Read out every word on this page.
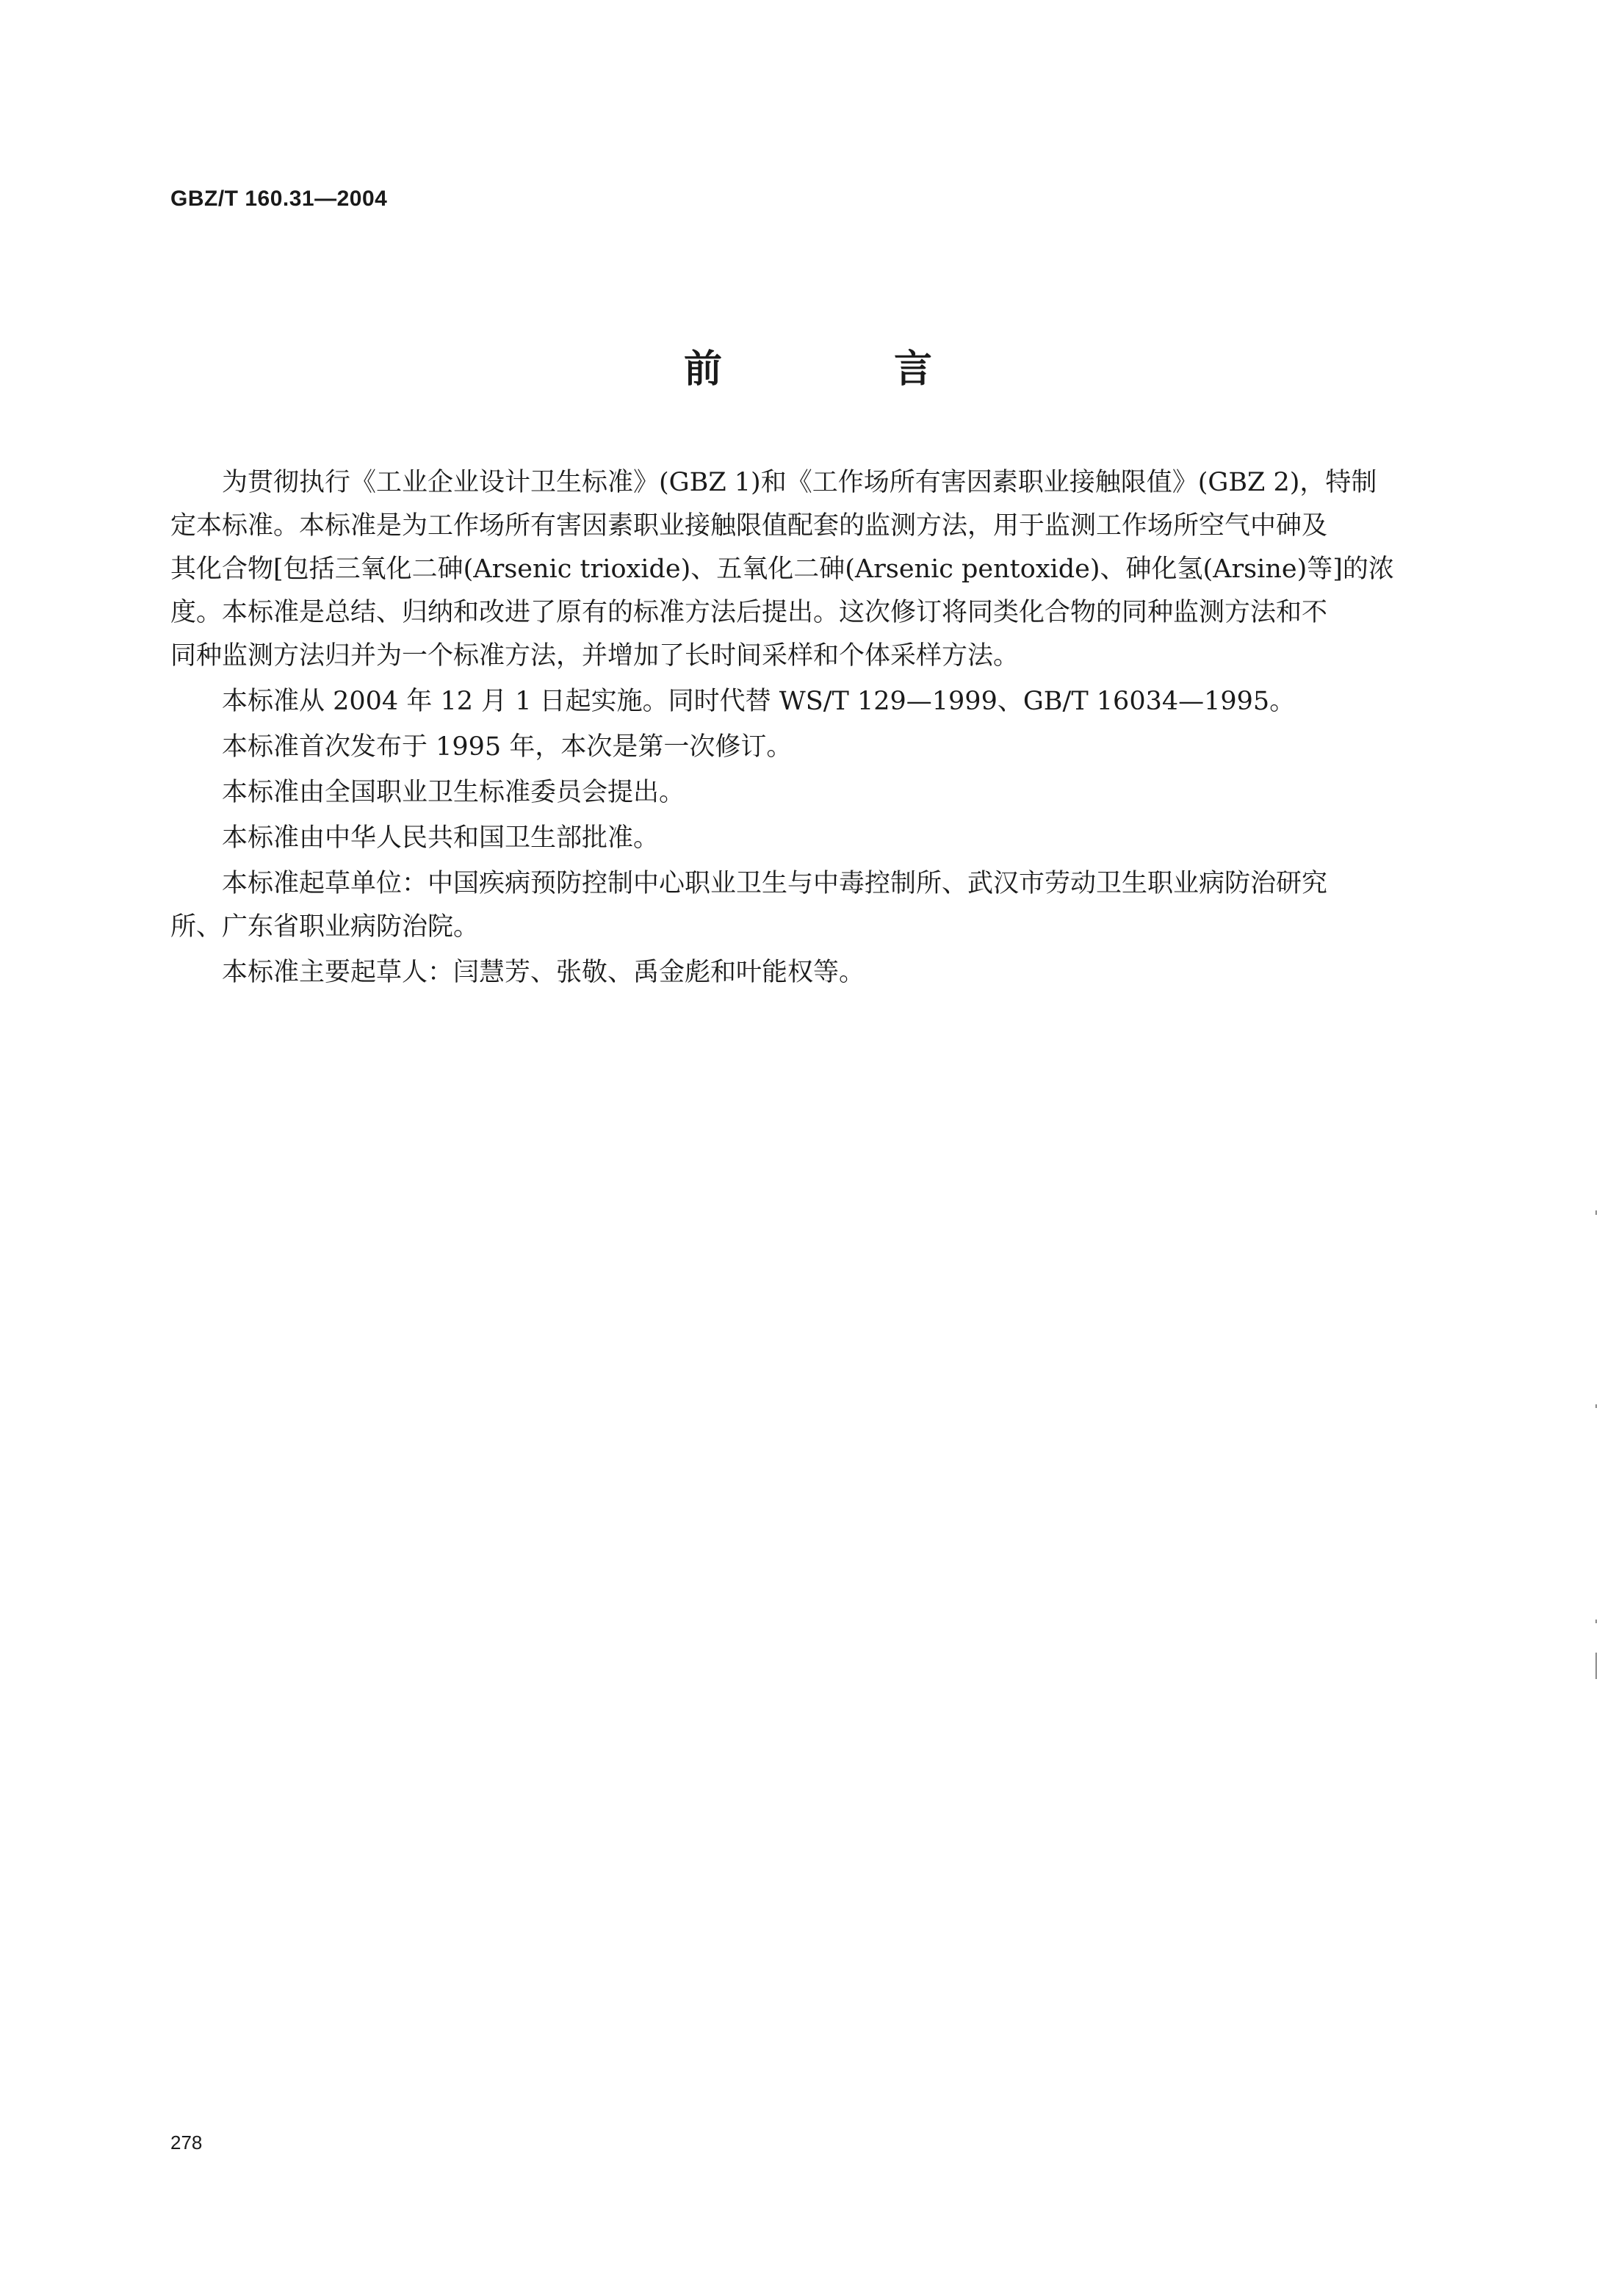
GBZ/T 160.31—2004
前 言

为贯彻执行《工业企业设计卫生标准》(GBZ 1)和《工作场所有害因素职业接触限值》(GBZ 2)，特制
定本标准。本标准是为工作场所有害因素职业接触限值配套的监测方法，用于监测工作场所空气中砷及
其化合物[包括三氧化二砷(Arsenic trioxide)、五氧化二砷(Arsenic pentoxide)、砷化氢(Arsine)等]的浓
度。本标准是总结、归纳和改进了原有的标准方法后提出。这次修订将同类化合物的同种监测方法和不
同种监测方法归并为一个标准方法，并增加了长时间采样和个体采样方法。

本标准从 2004 年 12 月 1 日起实施。同时代替 WS/T 129—1999、GB/T 16034—1995。

本标准首次发布于 1995 年，本次是第一次修订。

本标准由全国职业卫生标准委员会提出。

本标准由中华人民共和国卫生部批准。

本标准起草单位：中国疾病预防控制中心职业卫生与中毒控制所、武汉市劳动卫生职业病防治研究
所、广东省职业病防治院。

本标准主要起草人：闫慧芳、张敬、禹金彪和叶能权等。

278
